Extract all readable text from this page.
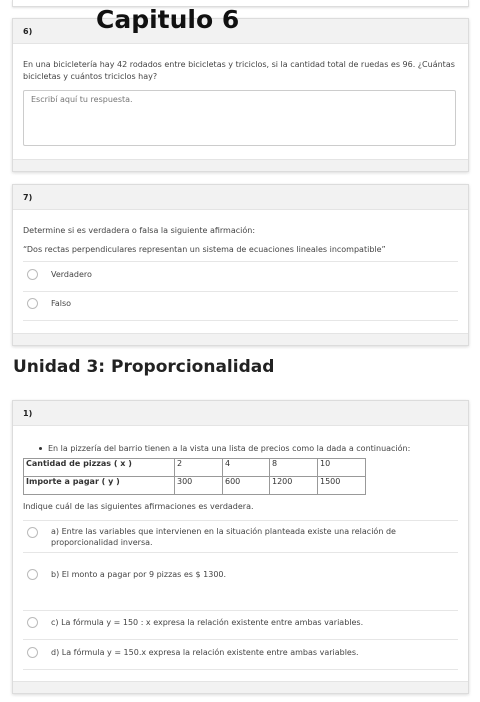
6)
En una bicicletería hay 42 rodados entre bicicletas y triciclos, si la cantidad total de ruedas es 96. ¿Cuántas bicicletas y cuántos triciclos hay?
Escribí aquí tu respuesta.
Capitulo 6
7)
Determine si es verdadera o falsa la siguiente afirmación:
“Dos rectas perpendiculares representan un sistema de ecuaciones lineales incompatible”
Verdadero
Falso
Unidad 3: Proporcionalidad
1)
En la pizzería del barrio tienen a la vista una lista de precios como la dada a continuación:
Cantidad de pizzas ( x )	2	4	8	10
Importe a pagar ( y )	300	600	1200	1500
Indique cuál de las siguientes afirmaciones es verdadera.
a) Entre las variables que intervienen en la situación planteada existe una relación de proporcionalidad inversa.
b) El monto a pagar por 9 pizzas es $ 1300.
c) La fórmula y = 150 : x expresa la relación existente entre ambas variables.
d) La fórmula y = 150.x expresa la relación existente entre ambas variables.
